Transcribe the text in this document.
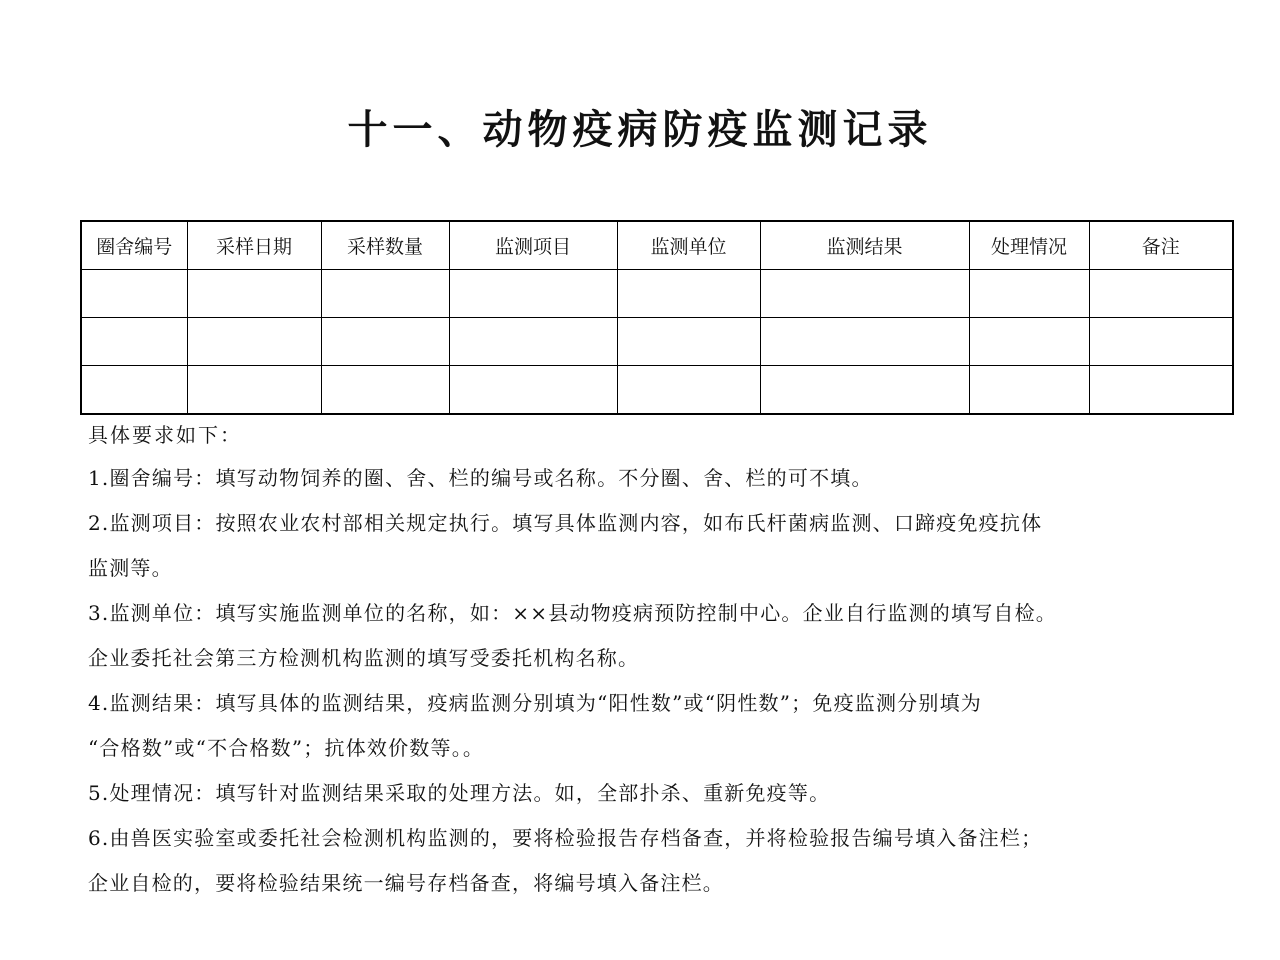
十一、动物疫病防疫监测记录
圈舍编号	采样日期	采样数量	监测项目	监测单位	监测结果	处理情况	备注

具体要求如下：

1.圈舍编号：填写动物饲养的圈、舍、栏的编号或名称。不分圈、舍、栏的可不填。

2.监测项目：按照农业农村部相关规定执行。填写具体监测内容，如布氏杆菌病监测、口蹄疫免疫抗体
监测等。

3.监测单位：填写实施监测单位的名称，如：××县动物疫病预防控制中心。企业自行监测的填写自检。
企业委托社会第三方检测机构监测的填写受委托机构名称。

4.监测结果：填写具体的监测结果，疫病监测分别填为“阳性数”或“阴性数”；免疫监测分别填为
“合格数”或“不合格数”；抗体效价数等。。

5.处理情况：填写针对监测结果采取的处理方法。如，全部扑杀、重新免疫等。

6.由兽医实验室或委托社会检测机构监测的，要将检验报告存档备查，并将检验报告编号填入备注栏；
企业自检的，要将检验结果统一编号存档备查，将编号填入备注栏。
